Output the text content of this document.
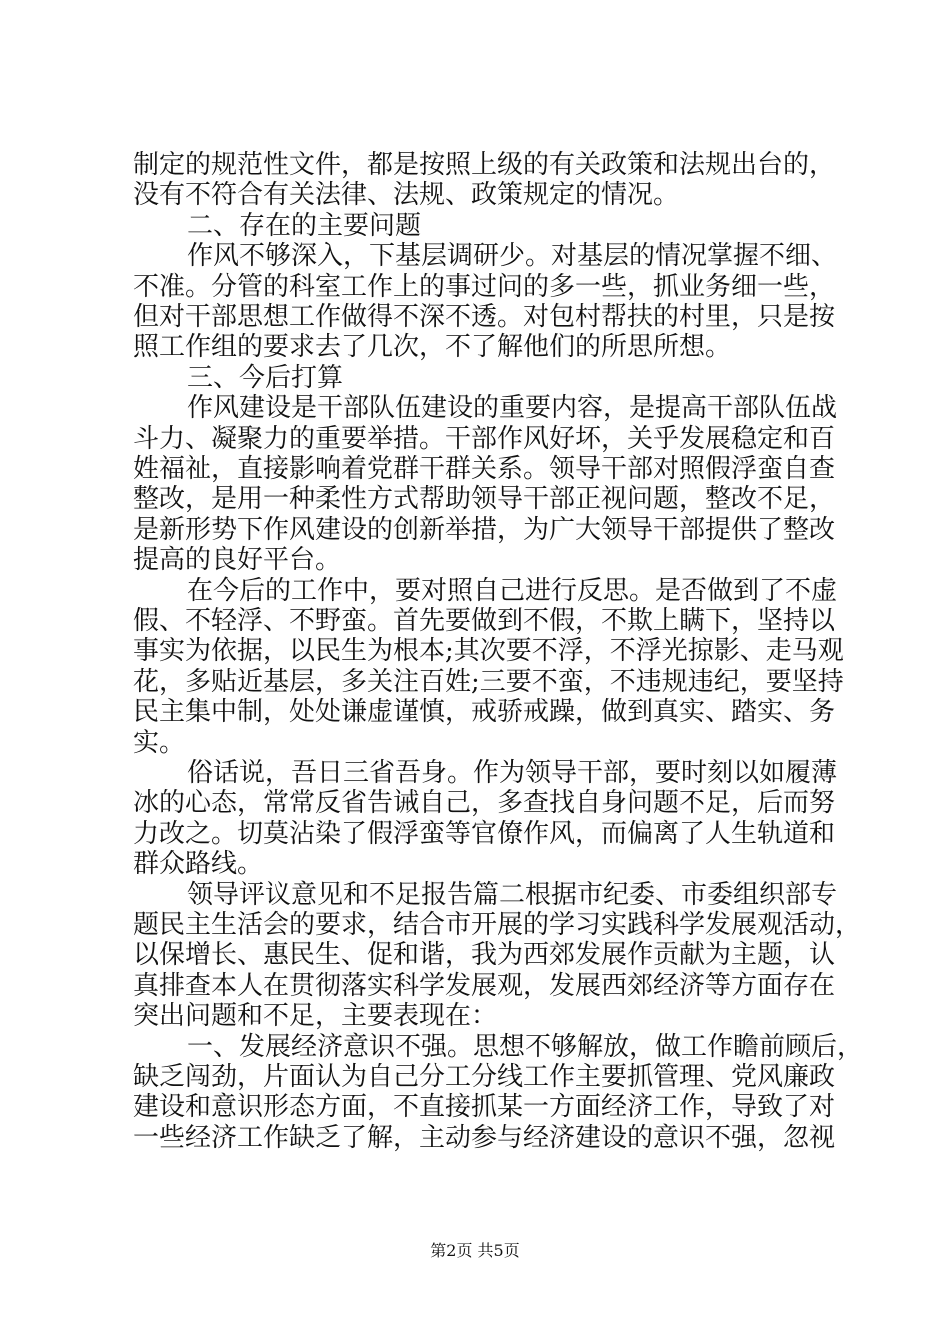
制定的规范性文件，都是按照上级的有关政策和法规出台的，
没有不符合有关法律、法规、政策规定的情况。
二、存在的主要问题
作风不够深入，下基层调研少。对基层的情况掌握不细、
不准。分管的科室工作上的事过问的多一些，抓业务细一些，
但对干部思想工作做得不深不透。对包村帮扶的村里，只是按
照工作组的要求去了几次，不了解他们的所思所想。
三、今后打算
作风建设是干部队伍建设的重要内容，是提高干部队伍战
斗力、凝聚力的重要举措。干部作风好坏，关乎发展稳定和百
姓福祉，直接影响着党群干群关系。领导干部对照假浮蛮自查
整改，是用一种柔性方式帮助领导干部正视问题，整改不足，
是新形势下作风建设的创新举措，为广大领导干部提供了整改
提高的良好平台。
在今后的工作中，要对照自己进行反思。是否做到了不虚
假、不轻浮、不野蛮。首先要做到不假，不欺上瞒下，坚持以
事实为依据，以民生为根本;其次要不浮，不浮光掠影、走马观
花，多贴近基层，多关注百姓;三要不蛮，不违规违纪，要坚持
民主集中制，处处谦虚谨慎，戒骄戒躁，做到真实、踏实、务
实。
俗话说，吾日三省吾身。作为领导干部，要时刻以如履薄
冰的心态，常常反省告诫自己，多查找自身问题不足，后而努
力改之。切莫沾染了假浮蛮等官僚作风，而偏离了人生轨道和
群众路线。
领导评议意见和不足报告篇二根据市纪委、市委组织部专
题民主生活会的要求，结合市开展的学习实践科学发展观活动，
以保增长、惠民生、促和谐，我为西郊发展作贡献为主题，认
真排查本人在贯彻落实科学发展观，发展西郊经济等方面存在
突出问题和不足，主要表现在：
一、发展经济意识不强。思想不够解放，做工作瞻前顾后，
缺乏闯劲，片面认为自己分工分线工作主要抓管理、党风廉政
建设和意识形态方面，不直接抓某一方面经济工作，导致了对
一些经济工作缺乏了解，主动参与经济建设的意识不强，忽视
第2页 共5页
